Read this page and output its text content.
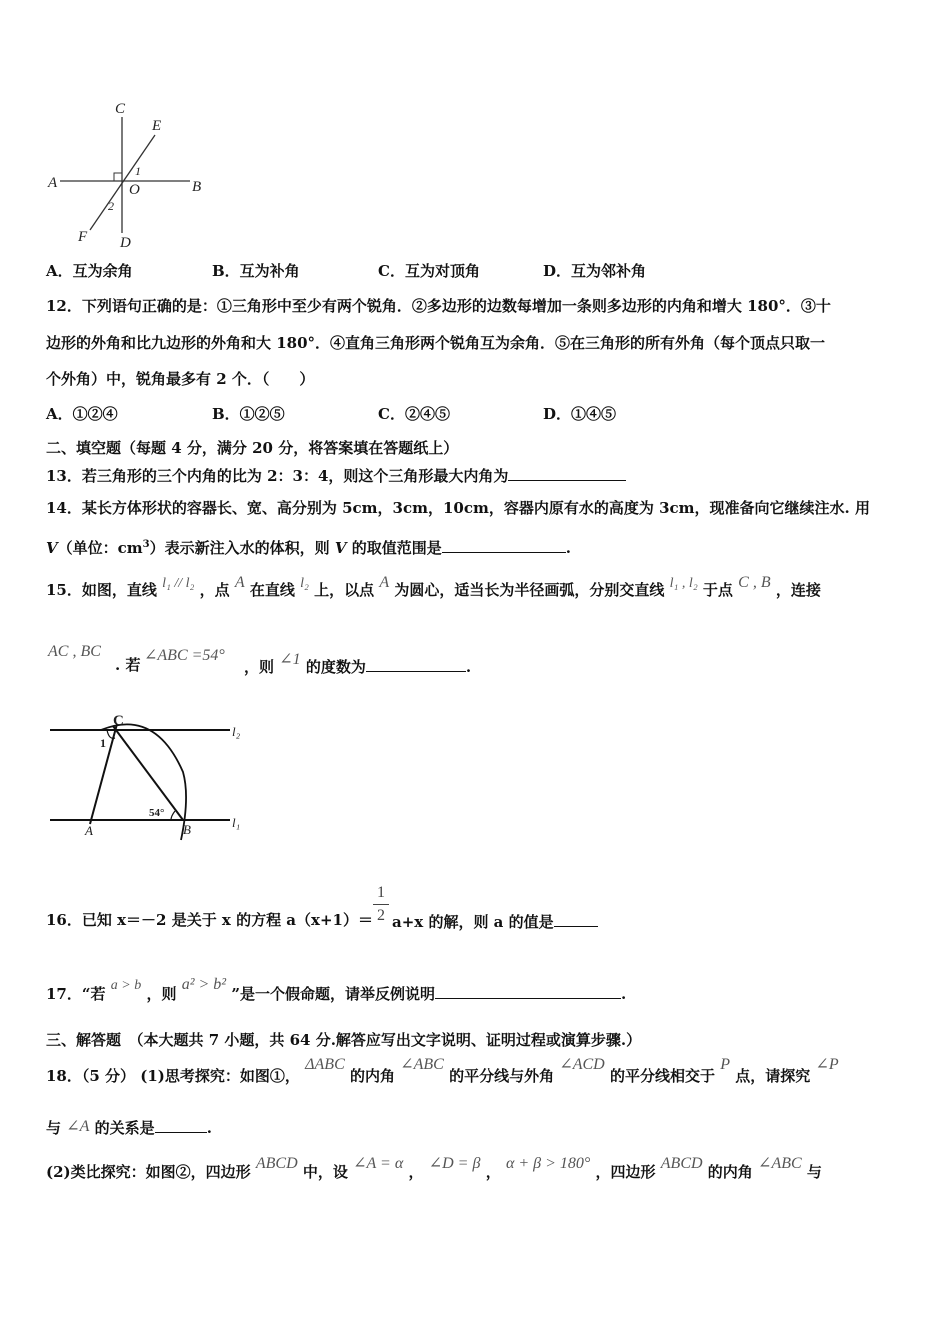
A	B
C
D
E
F
O
1
2
A．互为余角	B．互为补角	C．互为对顶角	D．互为邻补角
12．下列语句正确的是：①三角形中至少有两个锐角．②多边形的边数每增加一条则多边形的内角和增大 180°．③十
边形的外角和比九边形的外角和大 180°．④直角三角形两个锐角互为余角．⑤在三角形的所有外角（每个顶点只取一
个外角）中，锐角最多有 2 个．（　　）
A．①②④	B．①②⑤	C．②④⑤	D．①④⑤
二、填空题（每题 4 分，满分 20 分，将答案填在答题纸上）
13．若三角形的三个内角的比为 2：3：4，则这个三角形最大内角为
14．某长方体形状的容器长、宽、高分别为 5cm，3cm，10cm，容器内原有水的高度为 3cm，现准备向它继续注水. 用
V（单位：$cm^3$）表示新注入水的体积，则 V 的取值范围是	.
15．如图，直线 l₁ // l₂ ，点 A 在直线 l₂ 上，以点 A 为圆心，适当长为半径画弧，分别交直线 l₁ , l₂ 于点 C , B ，连接
AC , BC
. 若
∠ABC =54°
，则 ∠1 的度数为	.
C
l₂
1
54°
A	B	l₁
16．已知 x＝－2 是关于 x 的方程 a（x+1）＝
1
2 a+x 的解，则 a 的值是
17．“若 a > b ，则 a² > b² ”是一个假命题，请举反例说明	.
三、解答题　（本大题共 7 小题，共 64 分.解答应写出文字说明、证明过程或演算步骤.）
18．（5 分） (1)思考探究：如图①， ΔABC 的内角 ∠ABC 的平分线与外角 ∠ACD 的平分线相交于 P 点，请探究 ∠P
与 ∠A 的关系是	.
(2)类比探究：如图②，四边形 ABCD 中，设 ∠A = α ， ∠D = β ， α + β > 180° ，四边形 ABCD 的内角 ∠ABC 与
